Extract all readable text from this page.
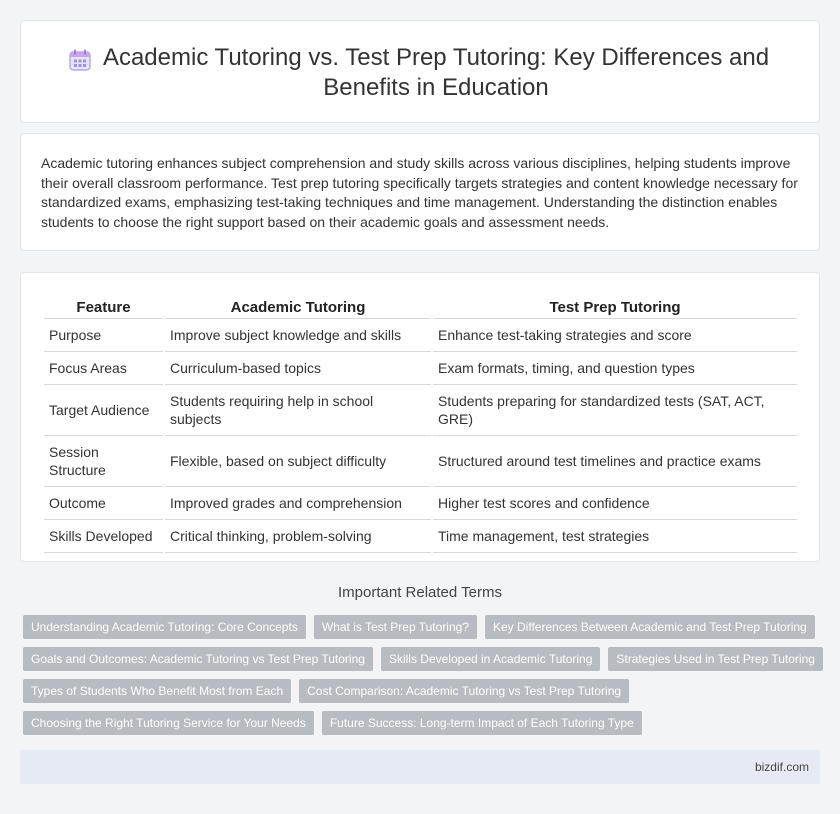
Academic Tutoring vs. Test Prep Tutoring: Key Differences and Benefits in Education

Academic tutoring enhances subject comprehension and study skills across various disciplines, helping students improve their overall classroom performance. Test prep tutoring specifically targets strategies and content knowledge necessary for standardized exams, emphasizing test-taking techniques and time management. Understanding the distinction enables students to choose the right support based on their academic goals and assessment needs.

Feature	Academic Tutoring	Test Prep Tutoring
Purpose	Improve subject knowledge and skills	Enhance test-taking strategies and score
Focus Areas	Curriculum-based topics	Exam formats, timing, and question types
Target Audience	Students requiring help in school subjects	Students preparing for standardized tests (SAT, ACT, GRE)
Session Structure	Flexible, based on subject difficulty	Structured around test timelines and practice exams
Outcome	Improved grades and comprehension	Higher test scores and confidence
Skills Developed	Critical thinking, problem-solving	Time management, test strategies
Important Related Terms
Understanding Academic Tutoring: Core Concepts	What is Test Prep Tutoring?	Key Differences Between Academic and Test Prep Tutoring
Goals and Outcomes: Academic Tutoring vs Test Prep Tutoring	Skills Developed in Academic Tutoring	Strategies Used in Test Prep Tutoring
Types of Students Who Benefit Most from Each	Cost Comparison: Academic Tutoring vs Test Prep Tutoring
Choosing the Right Tutoring Service for Your Needs	Future Success: Long-term Impact of Each Tutoring Type
bizdif.com
